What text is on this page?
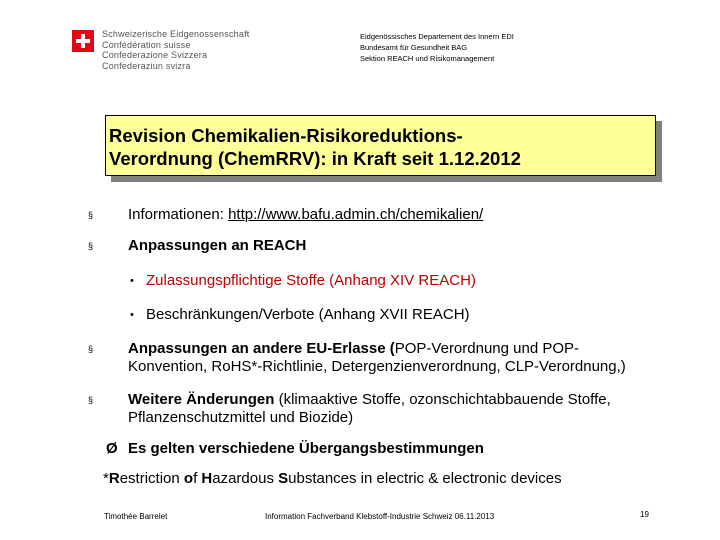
Schweizerische Eidgenossenschaft
Confédération suisse
Confederazione Svizzera
Confederaziun svizra
Eidgenössisches Departement des Innern EDI
Bundesamt für Gesundheit BAG
Sektion REACH und Risikomanagement
Revision Chemikalien-Risikoreduktions-
Verordnung (ChemRRV): in Kraft seit 1.12.2012
§ Informationen: http://www.bafu.admin.ch/chemikalien/
§ Anpassungen an REACH
• Zulassungspflichtige Stoffe (Anhang XIV REACH)
• Beschränkungen/Verbote (Anhang XVII REACH)
§ Anpassungen an andere EU-Erlasse (POP-Verordnung und POP-
Konvention, RoHS*-Richtlinie, Detergenzienverordnung, CLP-Verordnung,)
§ Weitere Änderungen (klimaaktive Stoffe, ozonschichtabbauende Stoffe,
Pflanzenschutzmittel und Biozide)
Ø Es gelten verschiedene Übergangsbestimmungen
*Restriction of Hazardous Substances in electric & electronic devices
Timothée Barrelet	Information Fachverband Klebstoff-Industrie Schweiz 06.11.2013	19
